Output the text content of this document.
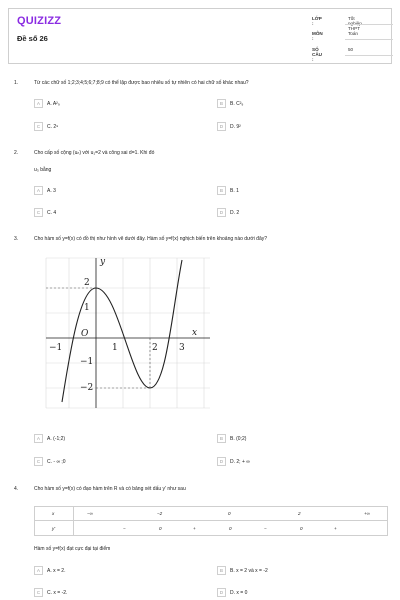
QUIZIZZ
Đề số 26
LỚP :
Tốt nghiệp THPT
MÔN :
Toán
SỐ CÂU :
50
1.	Từ các chữ số 1;2;3;4;5;6;7;8;9 có thể lập được bao nhiêu số tự nhiên có hai chữ số khác nhau?
A	A. A²₉	B	B. C²₉
C	C. 2⁹	D	D. 9²
2.	Cho cấp số cộng (uₙ) với u₁=2 và công sai d=1. Khi đó
u₃ bằng
A	A. 3	B	B. 1
C	C. 4	D	D. 2
3.	Cho hàm số y=f(x) có đồ thị như hình vẽ dưới đây. Hàm số y=f(x) nghịch biến trên khoảng nào dưới đây?
y
x
O
−1	1	2 3
2
1
−1
−2
A	A. (-1;2)	B	B. (0;2)
C	C. - ∞ ;0	D	D. 2; + ∞
4.	Cho hàm số y=f(x) có đạo hàm trên R và có bảng xét dấu y' như sau
x	−∞	−2	0	2	+∞
y'	−	0	+	0	−	0	+
Hàm số y=f(x) đạt cực đại tại điểm
A	A. x = 2.	B	B. x = 2 và x = -2
C	C. x = -2.	D	D. x = 0
